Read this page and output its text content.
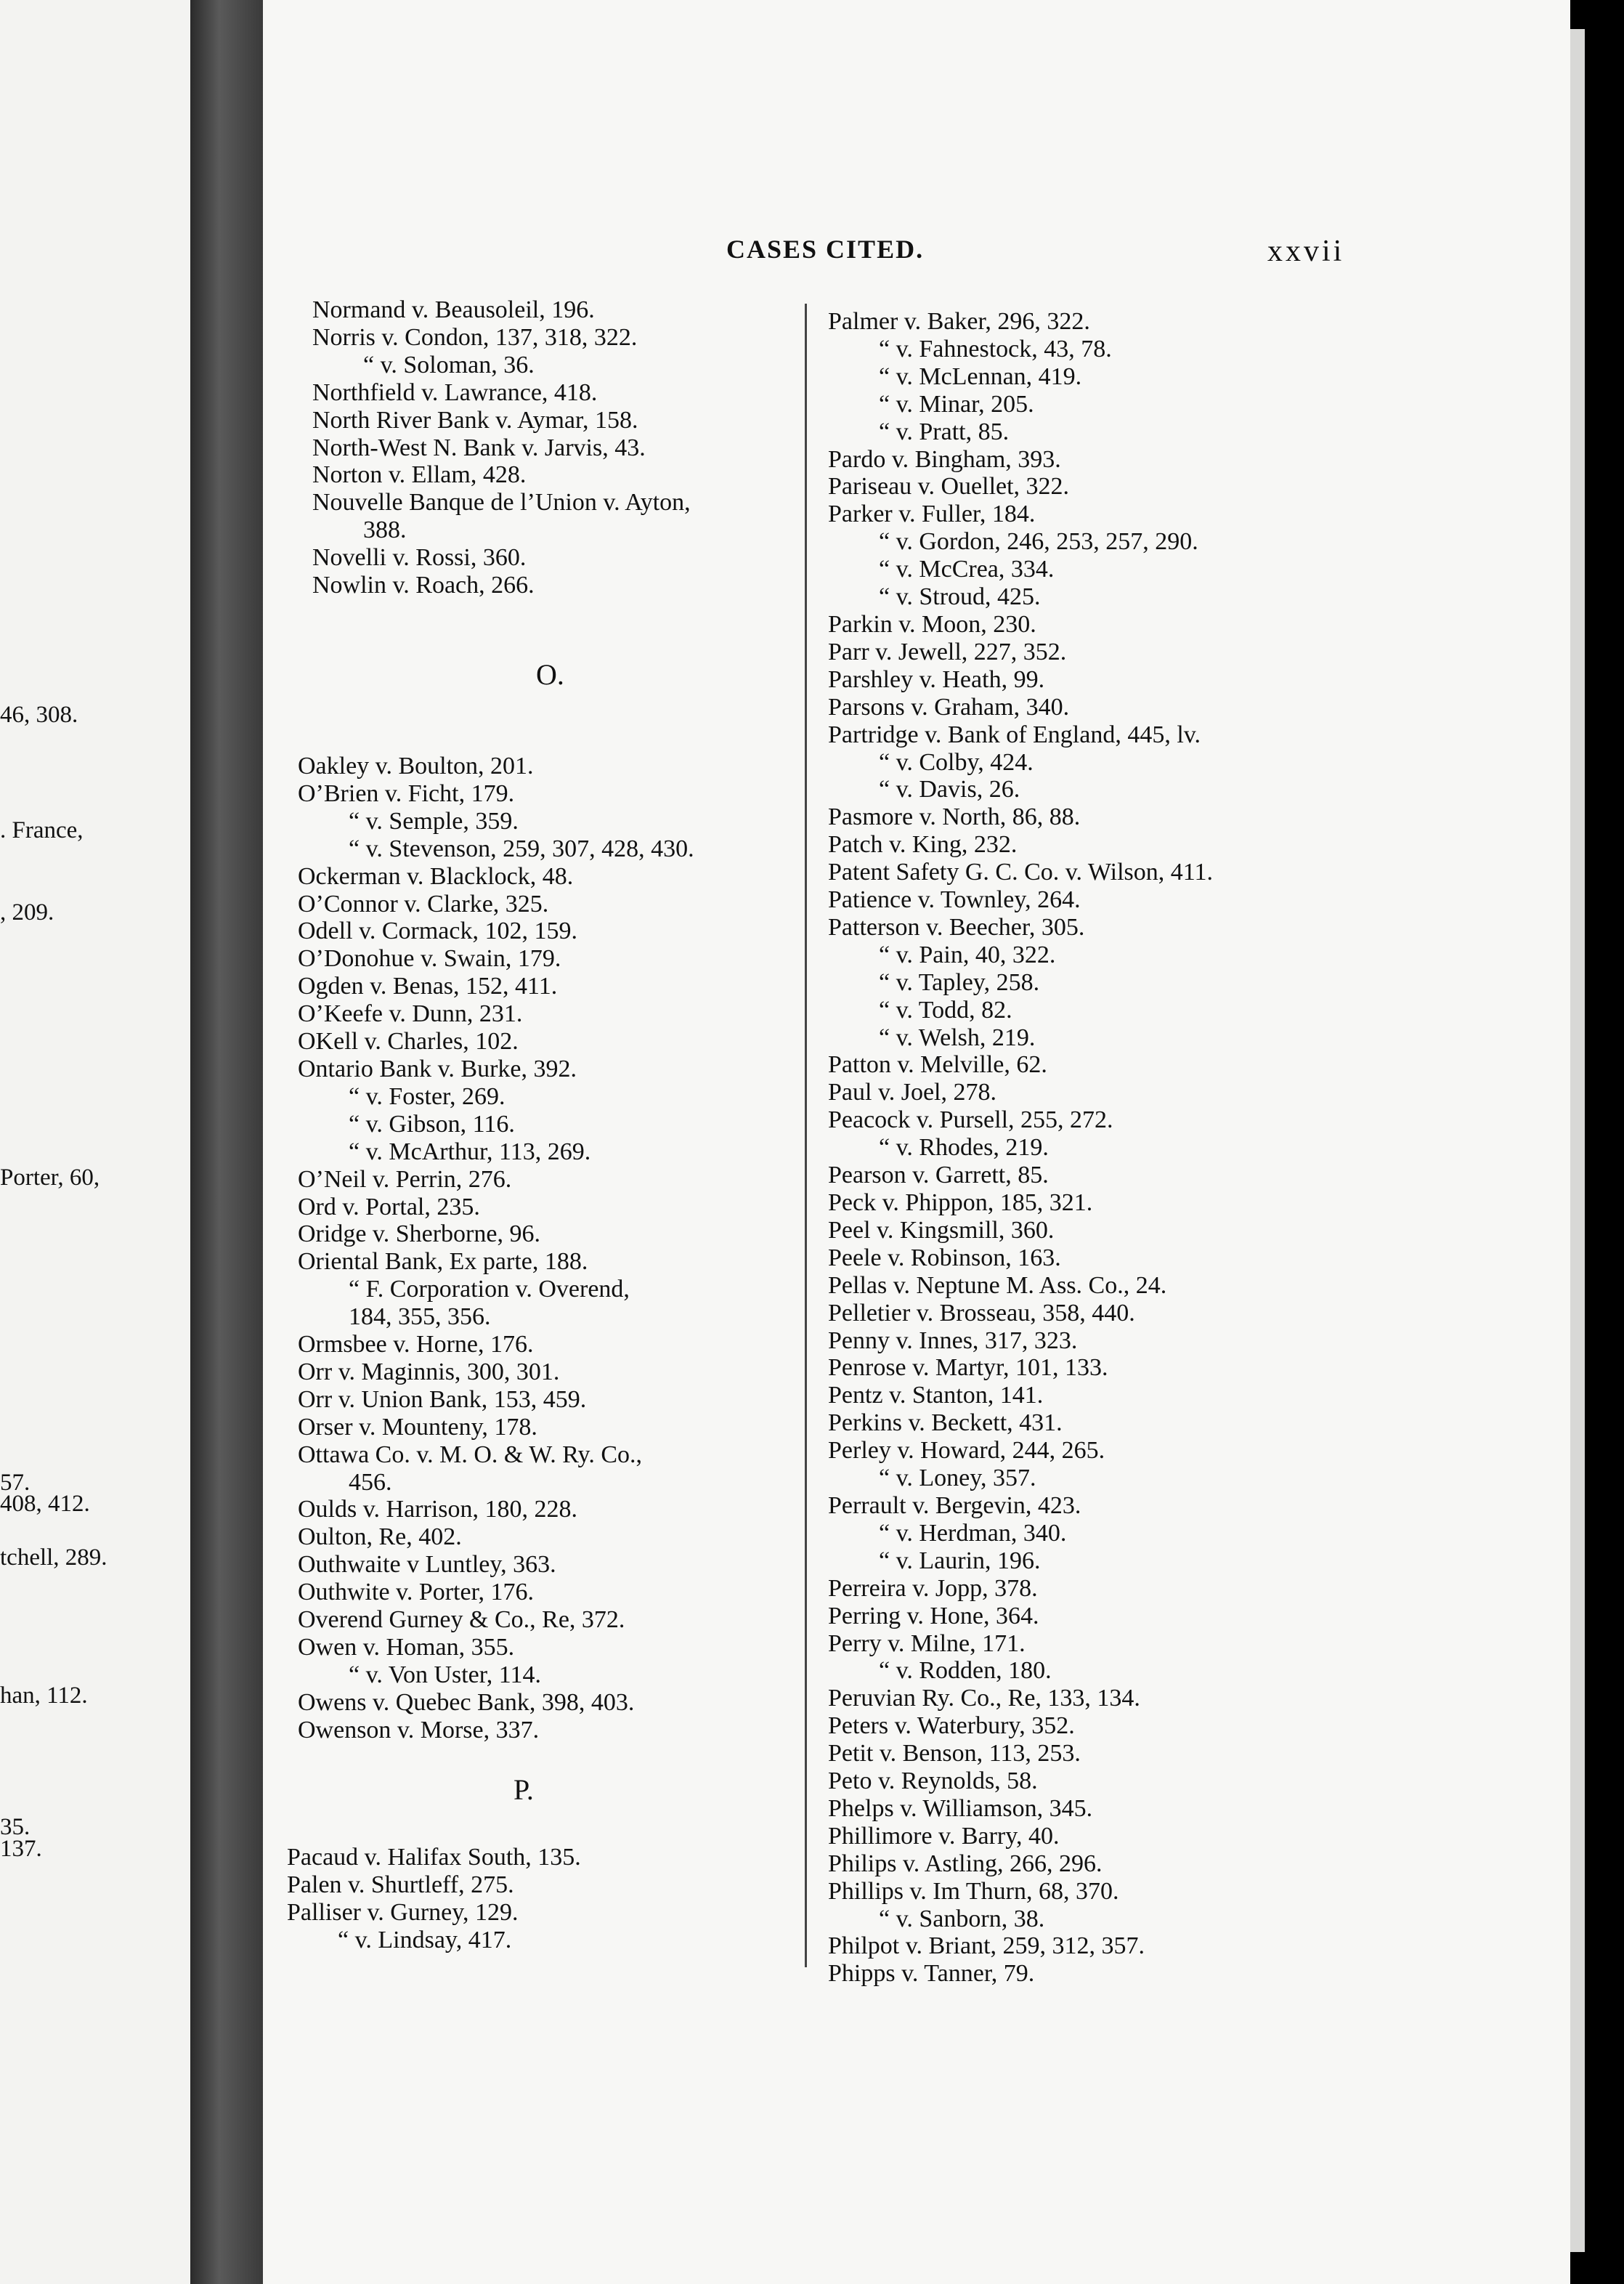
46, 308.
. France,
, 209.
Porter, 60,
57.
408, 412.
tchell, 289.
han, 112.
35.
137.
CASES CITED.	xxvii
Normand v. Beausoleil, 196.
Norris v. Condon, 137, 318, 322.
“ v. Soloman, 36.
Northfield v. Lawrance, 418.
North River Bank v. Aymar, 158.
North-West N. Bank v. Jarvis, 43.
Norton v. Ellam, 428.
Nouvelle Banque de l’Union v. Ayton,
388.
Novelli v. Rossi, 360.
Nowlin v. Roach, 266.
O.
Oakley v. Boulton, 201.
O’Brien v. Ficht, 179.
“ v. Semple, 359.
“ v. Stevenson, 259, 307, 428, 430.
Ockerman v. Blacklock, 48.
O’Connor v. Clarke, 325.
Odell v. Cormack, 102, 159.
O’Donohue v. Swain, 179.
Ogden v. Benas, 152, 411.
O’Keefe v. Dunn, 231.
OKell v. Charles, 102.
Ontario Bank v. Burke, 392.
“ v. Foster, 269.
“ v. Gibson, 116.
“ v. McArthur, 113, 269.
O’Neil v. Perrin, 276.
Ord v. Portal, 235.
Oridge v. Sherborne, 96.
Oriental Bank, Ex parte, 188.
“ F. Corporation v. Overend,
184, 355, 356.
Ormsbee v. Horne, 176.
Orr v. Maginnis, 300, 301.
Orr v. Union Bank, 153, 459.
Orser v. Mounteny, 178.
Ottawa Co. v. M. O. & W. Ry. Co.,
456.
Oulds v. Harrison, 180, 228.
Oulton, Re, 402.
Outhwaite v Luntley, 363.
Outhwite v. Porter, 176.
Overend Gurney & Co., Re, 372.
Owen v. Homan, 355.
“ v. Von Uster, 114.
Owens v. Quebec Bank, 398, 403.
Owenson v. Morse, 337.
P.
Pacaud v. Halifax South, 135.
Palen v. Shurtleff, 275.
Palliser v. Gurney, 129.
“ v. Lindsay, 417.
Palmer v. Baker, 296, 322.
“ v. Fahnestock, 43, 78.
“ v. McLennan, 419.
“ v. Minar, 205.
“ v. Pratt, 85.
Pardo v. Bingham, 393.
Pariseau v. Ouellet, 322.
Parker v. Fuller, 184.
“ v. Gordon, 246, 253, 257, 290.
“ v. McCrea, 334.
“ v. Stroud, 425.
Parkin v. Moon, 230.
Parr v. Jewell, 227, 352.
Parshley v. Heath, 99.
Parsons v. Graham, 340.
Partridge v. Bank of England, 445, lv.
“ v. Colby, 424.
“ v. Davis, 26.
Pasmore v. North, 86, 88.
Patch v. King, 232.
Patent Safety G. C. Co. v. Wilson, 411.
Patience v. Townley, 264.
Patterson v. Beecher, 305.
“ v. Pain, 40, 322.
“ v. Tapley, 258.
“ v. Todd, 82.
“ v. Welsh, 219.
Patton v. Melville, 62.
Paul v. Joel, 278.
Peacock v. Pursell, 255, 272.
“ v. Rhodes, 219.
Pearson v. Garrett, 85.
Peck v. Phippon, 185, 321.
Peel v. Kingsmill, 360.
Peele v. Robinson, 163.
Pellas v. Neptune M. Ass. Co., 24.
Pelletier v. Brosseau, 358, 440.
Penny v. Innes, 317, 323.
Penrose v. Martyr, 101, 133.
Pentz v. Stanton, 141.
Perkins v. Beckett, 431.
Perley v. Howard, 244, 265.
“ v. Loney, 357.
Perrault v. Bergevin, 423.
“ v. Herdman, 340.
“ v. Laurin, 196.
Perreira v. Jopp, 378.
Perring v. Hone, 364.
Perry v. Milne, 171.
“ v. Rodden, 180.
Peruvian Ry. Co., Re, 133, 134.
Peters v. Waterbury, 352.
Petit v. Benson, 113, 253.
Peto v. Reynolds, 58.
Phelps v. Williamson, 345.
Phillimore v. Barry, 40.
Philips v. Astling, 266, 296.
Phillips v. Im Thurn, 68, 370.
“ v. Sanborn, 38.
Philpot v. Briant, 259, 312, 357.
Phipps v. Tanner, 79.
